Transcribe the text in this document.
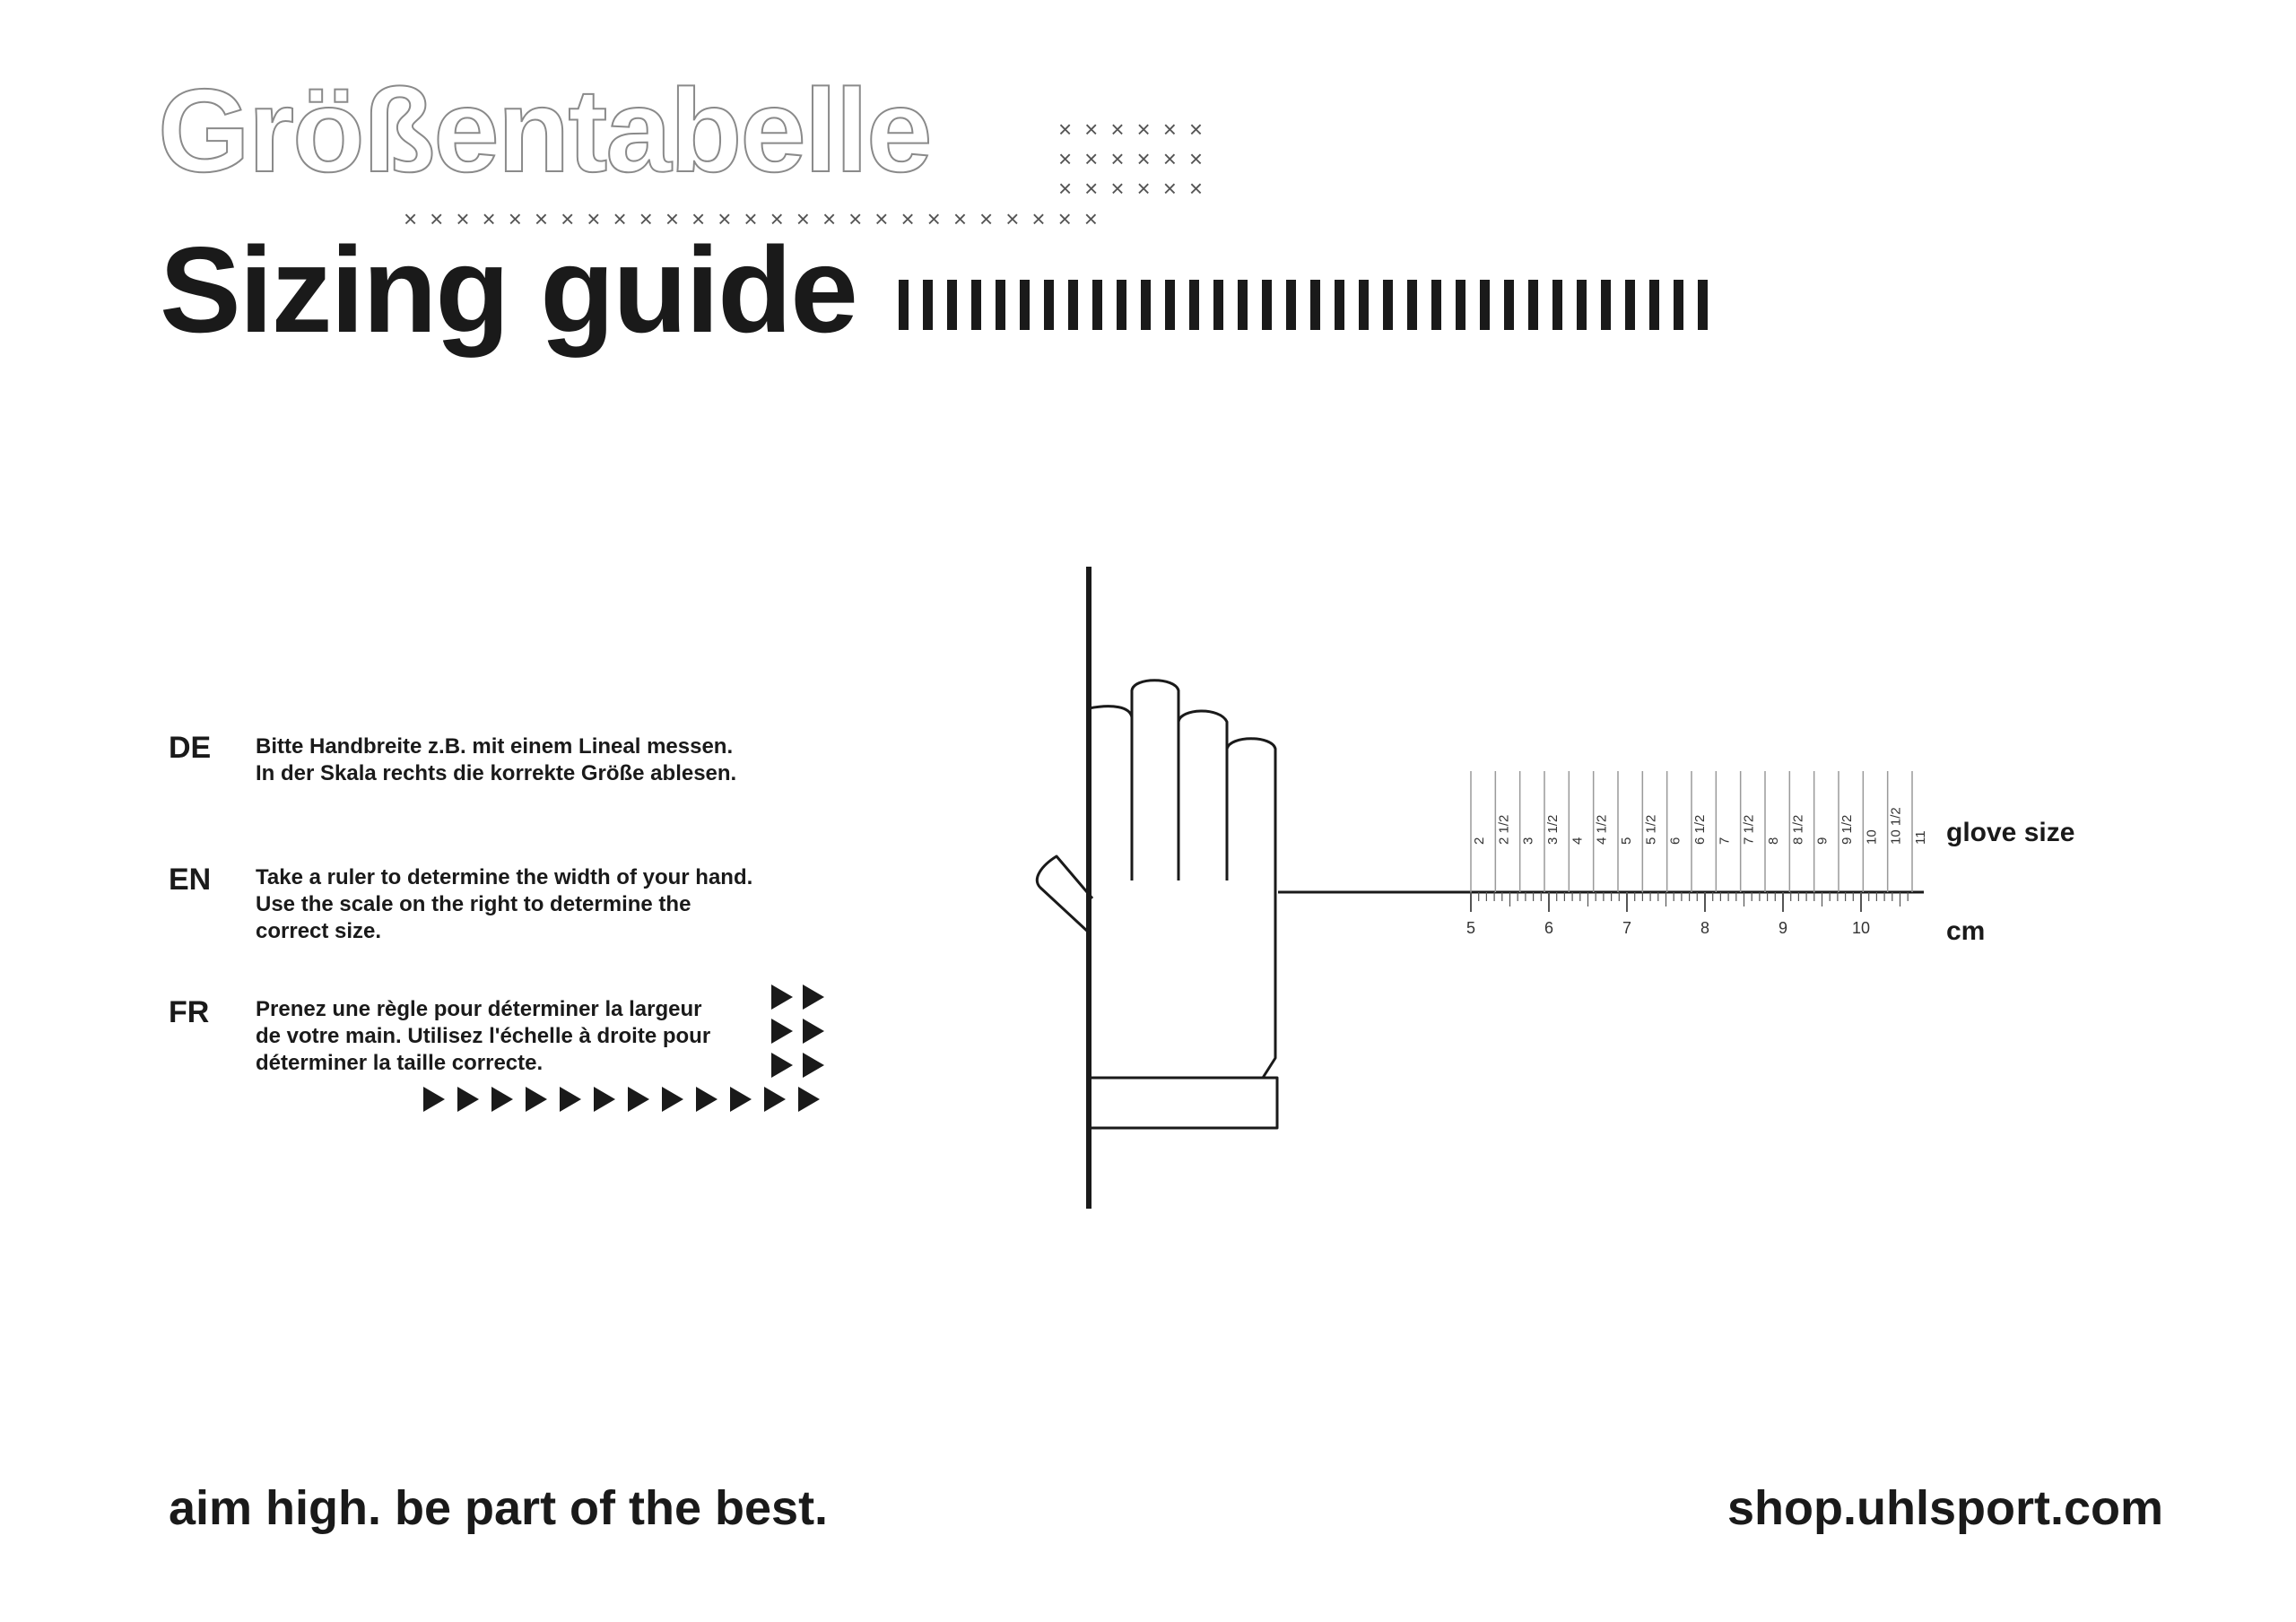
Größentabelle	××××××
××××××
××××××
×××××××××××××××××××××××××××
Sizing guide
DE Bitte Handbreite z.B. mit einem Lineal messen.
In der Skala rechts die korrekte Größe ablesen.
EN Take a ruler to determine the width of your hand.
Use the scale on the right to determine the
correct size.
FR Prenez une règle pour déterminer la largeur
de votre main. Utilisez l'échelle à droite pour
déterminer la taille correcte.
2 2 1/2 3 3 1/2 4 4 1/2 5 5 1/2 6 6 1/2 7 7 1/2 8 8 1/2 9 9 1/2 10 10 1/2 11
5	6	7	8	9	10
glove size
cm
aim high. be part of the best.	shop.uhlsport.com
